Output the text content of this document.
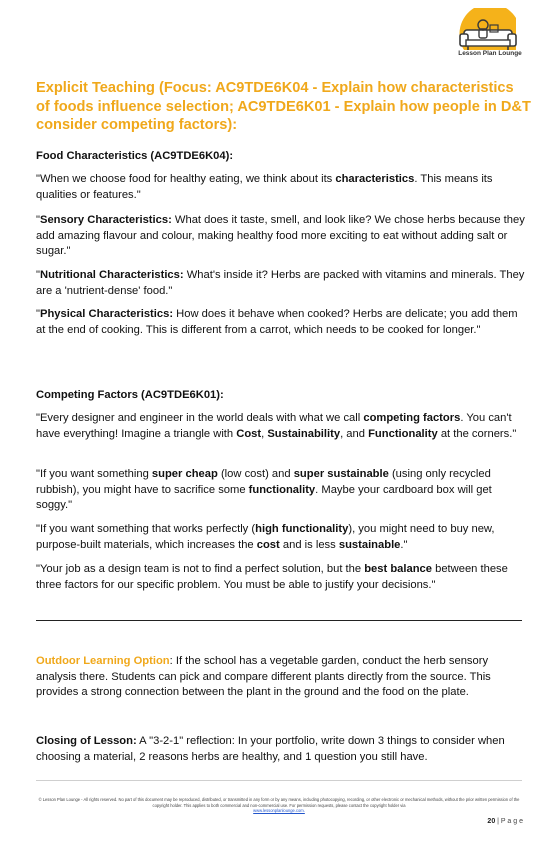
Lesson Plan Lounge
Explicit Teaching (Focus: AC9TDE6K04 - Explain how characteristics of foods influence selection; AC9TDE6K01 - Explain how people in D&T consider competing factors):
Food Characteristics (AC9TDE6K04):

"When we choose food for healthy eating, we think about its characteristics. This means its qualities or features."

"Sensory Characteristics: What does it taste, smell, and look like? We chose herbs because they add amazing flavour and colour, making healthy food more exciting to eat without adding salt or sugar."

"Nutritional Characteristics: What's inside it? Herbs are packed with vitamins and minerals. They are a 'nutrient-dense' food."

"Physical Characteristics: How does it behave when cooked? Herbs are delicate; you add them at the end of cooking. This is different from a carrot, which needs to be cooked for longer."

Competing Factors (AC9TDE6K01):

"Every designer and engineer in the world deals with what we call competing factors. You can't have everything! Imagine a triangle with Cost, Sustainability, and Functionality at the corners."

"If you want something super cheap (low cost) and super sustainable (using only recycled rubbish), you might have to sacrifice some functionality. Maybe your cardboard box will get soggy."

"If you want something that works perfectly (high functionality), you might need to buy new, purpose-built materials, which increases the cost and is less sustainable."

"Your job as a design team is not to find a perfect solution, but the best balance between these three factors for our specific problem. You must be able to justify your decisions."

Outdoor Learning Option: If the school has a vegetable garden, conduct the herb sensory analysis there. Students can pick and compare different plants directly from the source. This provides a strong connection between the plant in the ground and the food on the plate.

Closing of Lesson: A "3-2-1" reflection: In your portfolio, write down 3 things to consider when choosing a material, 2 reasons herbs are healthy, and 1 question you still have.

© Lesson Plan Lounge - All rights reserved. No part of this document may be reproduced, distributed, or transmitted in any form or by any means, including photocopying, recording, or other electronic or mechanical methods, without the prior written permission of the copyright holder. This applies to both commercial and non-commercial use. For permission requests, please contact the copyright holder via
www.lessonplanlounge.com.
20 | P a g e
